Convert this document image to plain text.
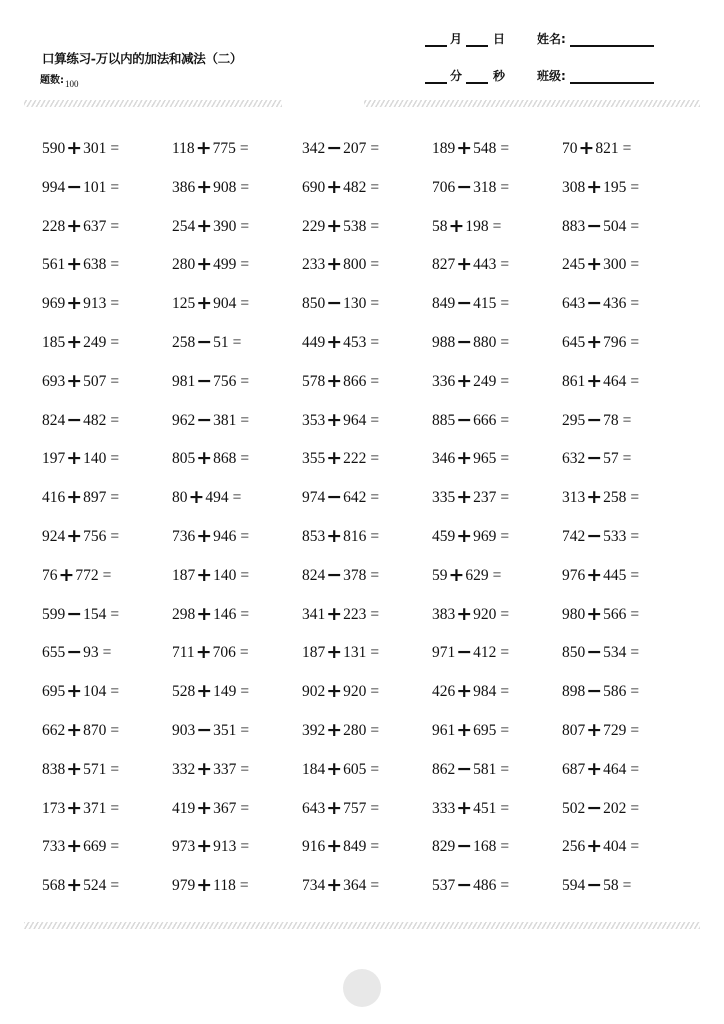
口算练习-万以内的加法和减法（二）
题数:100
月	日	姓名:
分	秒	班级:
590 + 301 =	118 + 775 =	342 − 207 =	189 + 548 =	70 + 821 =
994 − 101 =	386 + 908 =	690 + 482 =	706 − 318 =	308 + 195 =
228 + 637 =	254 + 390 =	229 + 538 =	58 + 198 =	883 − 504 =
561 + 638 =	280 + 499 =	233 + 800 =	827 + 443 =	245 + 300 =
969 + 913 =	125 + 904 =	850 − 130 =	849 − 415 =	643 − 436 =
185 + 249 =	258 − 51 =	449 + 453 =	988 − 880 =	645 + 796 =
693 + 507 =	981 − 756 =	578 + 866 =	336 + 249 =	861 + 464 =
824 − 482 =	962 − 381 =	353 + 964 =	885 − 666 =	295 − 78 =
197 + 140 =	805 + 868 =	355 + 222 =	346 + 965 =	632 − 57 =
416 + 897 =	80 + 494 =	974 − 642 =	335 + 237 =	313 + 258 =
924 + 756 =	736 + 946 =	853 + 816 =	459 + 969 =	742 − 533 =
76 + 772 =	187 + 140 =	824 − 378 =	59 + 629 =	976 + 445 =
599 − 154 =	298 + 146 =	341 + 223 =	383 + 920 =	980 + 566 =
655 − 93 =	711 + 706 =	187 + 131 =	971 − 412 =	850 − 534 =
695 + 104 =	528 + 149 =	902 + 920 =	426 + 984 =	898 − 586 =
662 + 870 =	903 − 351 =	392 + 280 =	961 + 695 =	807 + 729 =
838 + 571 =	332 + 337 =	184 + 605 =	862 − 581 =	687 + 464 =
173 + 371 =	419 + 367 =	643 + 757 =	333 + 451 =	502 − 202 =
733 + 669 =	973 + 913 =	916 + 849 =	829 − 168 =	256 + 404 =
568 + 524 =	979 + 118 =	734 + 364 =	537 − 486 =	594 − 58 =
